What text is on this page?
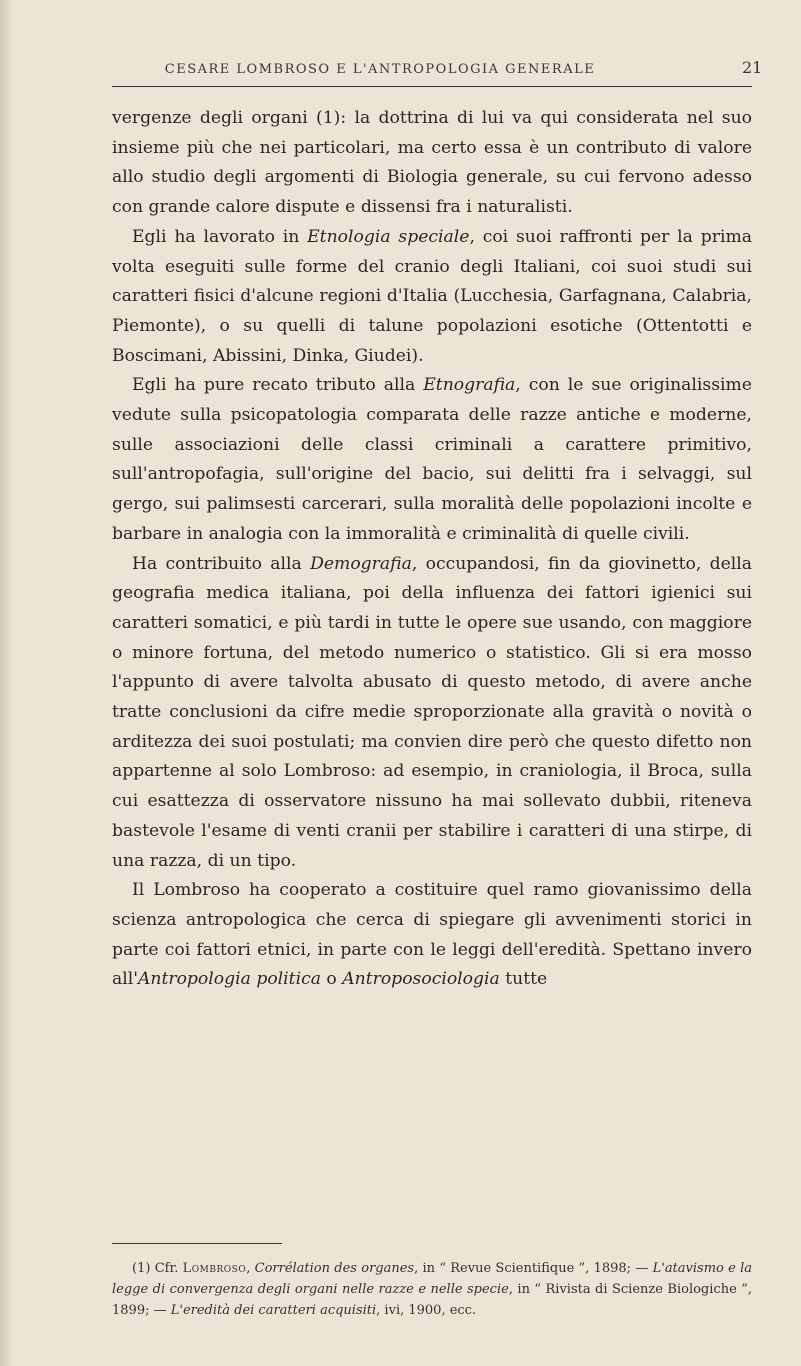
CESARE LOMBROSO E L'ANTROPOLOGIA GENERALE	21

vergenze degli organi (1): la dottrina di lui va qui considerata nel suo insieme più che nei particolari, ma certo essa è un contributo di valore allo studio degli argomenti di Biologia generale, su cui fervono adesso con grande calore dispute e dissensi fra i naturalisti.

Egli ha lavorato in Etnologia speciale, coi suoi raffronti per la prima volta eseguiti sulle forme del cranio degli Italiani, coi suoi studi sui caratteri fisici d'alcune regioni d'Italia (Lucchesia, Garfagnana, Calabria, Piemonte), o su quelli di talune popolazioni esotiche (Ottentotti e Boscimani, Abissini, Dinka, Giudei).

Egli ha pure recato tributo alla Etnografia, con le sue originalissime vedute sulla psicopatologia comparata delle razze antiche e moderne, sulle associazioni delle classi criminali a carattere primitivo, sull'antropofagia, sull'origine del bacio, sui delitti fra i selvaggi, sul gergo, sui palimsesti carcerari, sulla moralità delle popolazioni incolte e barbare in analogia con la immoralità e criminalità di quelle civili.

Ha contribuito alla Demografia, occupandosi, fin da giovinetto, della geografia medica italiana, poi della influenza dei fattori igienici sui caratteri somatici, e più tardi in tutte le opere sue usando, con maggiore o minore fortuna, del metodo numerico o statistico. Gli si era mosso l'appunto di avere talvolta abusato di questo metodo, di avere anche tratte conclusioni da cifre medie sproporzionate alla gravità o novità o arditezza dei suoi postulati; ma convien dire però che questo difetto non appartenne al solo Lombroso: ad esempio, in craniologia, il Broca, sulla cui esattezza di osservatore nissuno ha mai sollevato dubbii, riteneva bastevole l'esame di venti cranii per stabilire i caratteri di una stirpe, di una razza, di un tipo.

Il Lombroso ha cooperato a costituire quel ramo giovanissimo della scienza antropologica che cerca di spiegare gli avvenimenti storici in parte coi fattori etnici, in parte con le leggi dell'eredità. Spettano invero all'Antropologia politica o Antroposociologia tutte

(1) Cfr. Lombroso, Corrélation des organes, in “ Revue Scientifique ”, 1898; — L'atavismo e la legge di convergenza degli organi nelle razze e nelle specie, in “ Rivista di Scienze Biologiche ”, 1899; — L'eredità dei caratteri acquisiti, ivi, 1900, ecc.
